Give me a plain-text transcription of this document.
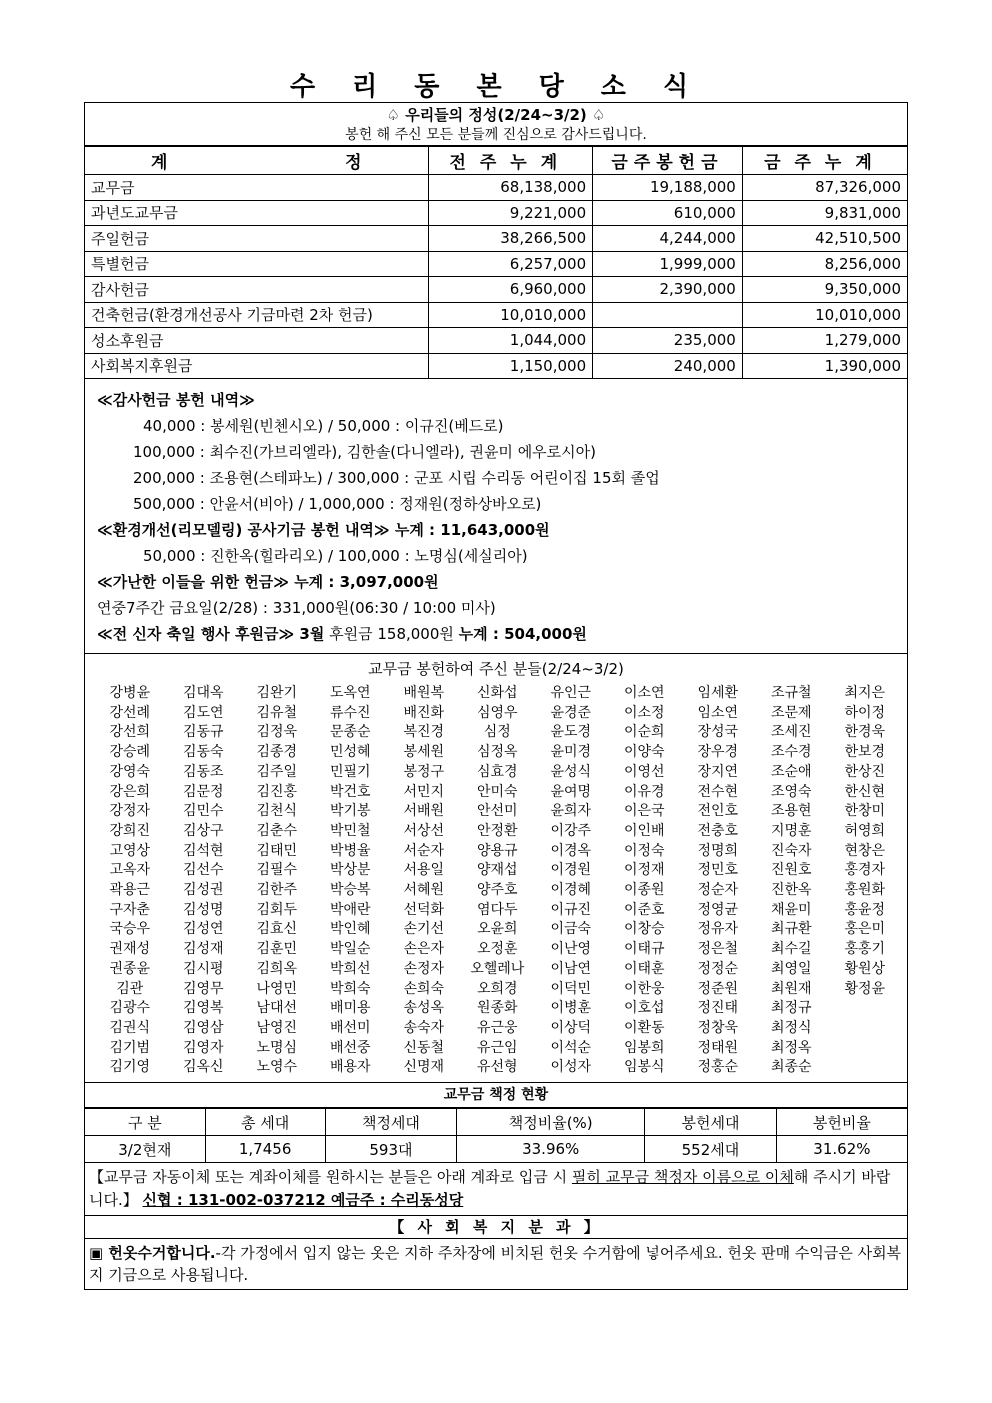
수 리 동 본 당 소 식
♤ 우리들의 정성(2/24~3/2) ♤
봉헌 해 주신 모든 분들께 진심으로 감사드립니다.
계 정	전주누계	금주봉헌금	금주누계
교무금	68,138,000	19,188,000	87,326,000
과년도교무금	9,221,000	610,000	9,831,000
주일헌금	38,266,500	4,244,000	42,510,500
특별헌금	6,257,000	1,999,000	8,256,000
감사헌금	6,960,000	2,390,000	9,350,000
건축헌금(환경개선공사 기금마련 2차 헌금)	10,010,000		10,010,000
성소후원금	1,044,000	235,000	1,279,000
사회복지후원금	1,150,000	240,000	1,390,000
≪감사헌금 봉헌 내역≫
40,000 : 봉세원(빈첸시오) / 50,000 : 이규진(베드로)
100,000 : 최수진(가브리엘라), 김한솔(다니엘라), 권윤미 에우로시아)
200,000 : 조용현(스테파노) / 300,000 : 군포 시립 수리동 어린이집 15회 졸업
500,000 : 안윤서(비아) / 1,000,000 : 정재원(정하상바오로)
≪환경개선(리모델링) 공사기금 봉헌 내역≫ 누계 : 11,643,000원
50,000 : 진한옥(힐라리오) / 100,000 : 노명심(세실리아)
≪가난한 이들을 위한 헌금≫ 누계 : 3,097,000원
연중7주간 금요일(2/28) : 331,000원(06:30 / 10:00 미사)
≪전 신자 축일 행사 후원금≫ 3월 후원금 158,000원 누계 : 504,000원
교무금 봉헌하여 주신 분들(2/24~3/2)
강병윤	김대옥	김완기	도옥연	배원복	신화섭	유인근	이소연	임세환	조규철	최지은
강선례	김도연	김유철	류수진	배진화	심영우	윤경준	이소정	임소연	조문제	하이정
강선희	김동규	김정욱	문종순	복진경	심정	윤도경	이순희	장성국	조세진	한경욱
강승례	김동숙	김종경	민성혜	봉세원	심정옥	윤미경	이양숙	장우경	조수경	한보경
강영숙	김동조	김주일	민필기	봉정구	심효경	윤성식	이영선	장지연	조순애	한상진
강은희	김문정	김진홍	박건호	서민지	안미숙	윤여명	이유경	전수현	조영숙	한신현
강정자	김민수	김천식	박기봉	서배원	안선미	윤희자	이은국	전인호	조용현	한창미
강희진	김상구	김춘수	박민철	서상선	안정환	이강주	이인배	전충호	지명훈	허영희
고영상	김석현	김태민	박병율	서순자	양용규	이경옥	이정숙	정명희	진숙자	현창은
고옥자	김선수	김필수	박상분	서용일	양재섭	이경원	이정재	정민호	진원호	홍경자
곽용근	김성권	김한주	박승복	서혜원	양주호	이경혜	이종원	정순자	진한옥	홍원화
구자춘	김성명	김회두	박애란	선덕화	염다두	이규진	이준호	정영균	채윤미	홍윤정
국승우	김성연	김효신	박인혜	손기선	오윤희	이금숙	이창승	정유자	최규환	홍은미
권재성	김성재	김훈민	박일순	손은자	오정훈	이난영	이태규	정은철	최수길	홍홍기
권종윤	김시평	김희옥	박희선	손정자	오헬레나	이남연	이태훈	정정순	최영일	황원상
김관	김영무	나영민	박희숙	손희숙	오희경	이덕민	이한웅	정준원	최원재	황정윤
김광수	김영복	남대선	배미용	송성옥	원종화	이병훈	이호섭	정진태	최정규
김권식	김영삼	남영진	배선미	송숙자	유근웅	이상덕	이환동	정창욱	최정식
김기범	김영자	노명심	배선중	신동철	유근임	이석순	임봉희	정태원	최정옥
김기영	김옥신	노영수	배용자	신명재	유선형	이성자	임봉식	정홍순	최종순
교무금 책정 현황
구 분	총 세대	책정세대	책정비율(%)	봉헌세대	봉헌비율
3/2현재	1,7456	593대	33.96%	552세대	31.62%
【교무금 자동이체 또는 계좌이체를 원하시는 분들은 아래 계좌로 입금 시 필히 교무금 책정자 이름으로 이체해 주시기 바랍니다.】 신협 : 131-002-037212 예금주 : 수리동성당
【 사 회 복 지 분 과 】
▣ 헌옷수거합니다.-각 가정에서 입지 않는 옷은 지하 주차장에 비치된 헌옷 수거함에 넣어주세요. 헌옷 판매 수익금은 사회복지 기금으로 사용됩니다.
